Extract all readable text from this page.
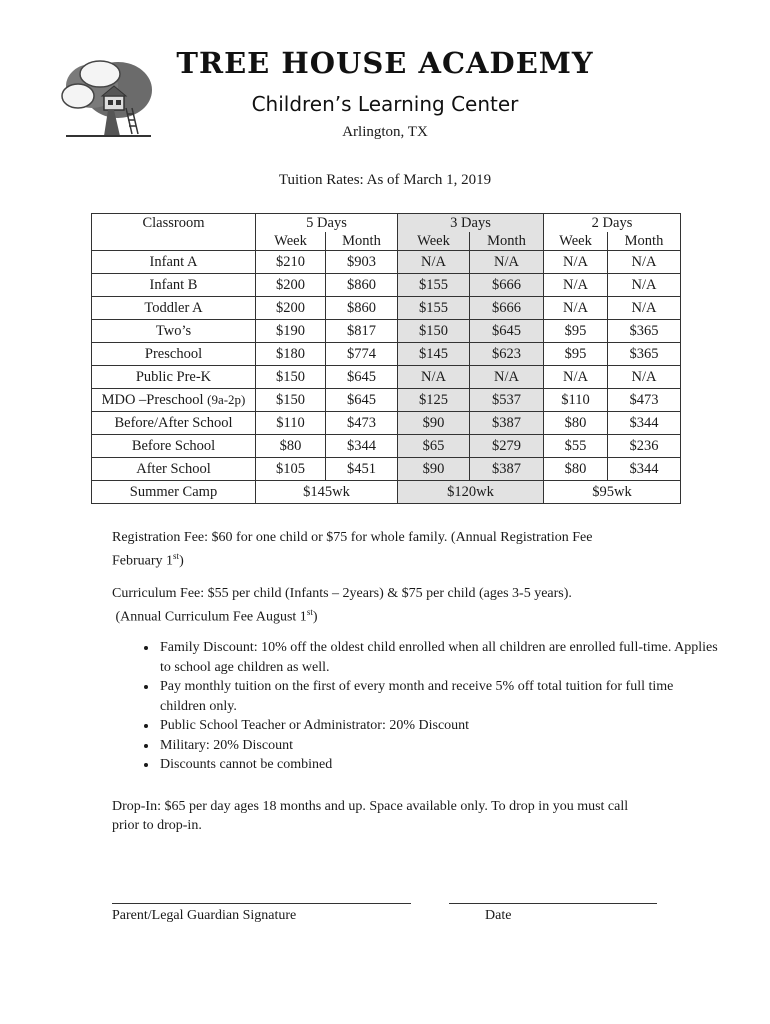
TREE HOUSE ACADEMY
Children’s Learning Center
Arlington, TX
Tuition Rates: As of March 1, 2019
Classroom	5 Days		3 Days		2 Days	
	Week	Month	Week	Month	Week	Month
Infant A	$210	$903	N/A	N/A	N/A	N/A
Infant B	$200	$860	$155	$666	N/A	N/A
Toddler A	$200	$860	$155	$666	N/A	N/A
Two’s	$190	$817	$150	$645	$95	$365
Preschool	$180	$774	$145	$623	$95	$365
Public Pre-K	$150	$645	N/A	N/A	N/A	N/A
MDO –Preschool (9a-2p)	$150	$645	$125	$537	$110	$473
Before/After School	$110	$473	$90	$387	$80	$344
Before School	$80	$344	$65	$279	$55	$236
After School	$105	$451	$90	$387	$80	$344
Summer Camp	$145wk		$120wk		$95wk	
Registration Fee: $60 for one child or $75 for whole family. (Annual Registration Fee
February 1st)
Curriculum Fee: $55 per child (Infants – 2years) & $75 per child (ages 3-5 years).
(Annual Curriculum Fee August 1st)
• Family Discount: 10% off the oldest child enrolled when all children are enrolled full-time. Applies to school age children as well.
• Pay monthly tuition on the first of every month and receive 5% off total tuition for full time children only.
• Public School Teacher or Administrator: 20% Discount
• Military: 20% Discount
• Discounts cannot be combined
Drop-In: $65 per day ages 18 months and up. Space available only. To drop in you must call prior to drop-in.
Parent/Legal Guardian Signature	Date
